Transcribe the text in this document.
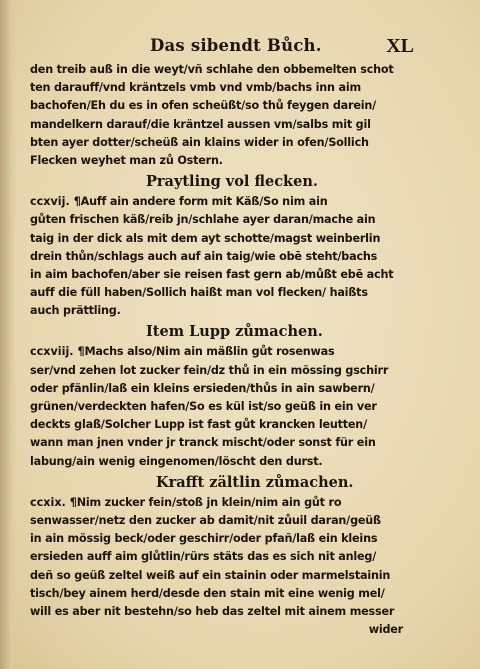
Das sibendt Bůch.	XL
den treib auß in die weyt/vñ schlahe den obbemelten schot
ten darauff/vnd kräntzels vmb vnd vmb/bachs inn aim
bachofen/Eh du es in ofen scheüßt/so thů feygen darein/
mandelkern darauf/die kräntzel aussen vm/salbs mit gil
bten ayer dotter/scheüß ain klains wider in ofen/Sollich
Flecken weyhet man zů Ostern.
Praytling vol flecken.
ccxvij. ¶Auff ain andere form mit Käß/So nim ain
gůten frischen käß/reib jn/schlahe ayer daran/mache ain
taig in der dick als mit dem ayt schotte/magst weinberlin
drein thůn/schlags auch auf ain taig/wie obē steht/bachs
in aim bachofen/aber sie reisen fast gern ab/můßt ebē acht
auff die füll haben/Sollich haißt man vol flecken/ haißts
auch prättling.
Item Lupp zůmachen.
ccxviij. ¶Machs also/Nim ain mäßlin gůt rosenwas
ser/vnd zehen lot zucker fein/dz thů in ein mössing gschirr
oder pfänlin/laß ein kleins ersieden/thůs in ain sawbern/
grünen/verdeckten hafen/So es kül ist/so geüß in ein ver
deckts glaß/Solcher Lupp ist fast gůt krancken leutten/
wann man jnen vnder jr tranck mischt/oder sonst für ein
labung/ain wenig eingenomen/löscht den durst.
Krafft zältlin zůmachen.
ccxix. ¶Nim zucker fein/stoß jn klein/nim ain gůt ro
senwasser/netz den zucker ab damit/nit zůuil daran/geüß
in ain mössig beck/oder geschirr/oder pfañ/laß ein kleins
ersieden auff aim glůtlin/rürs stäts das es sich nit anleg/
deñ so geüß zeltel weiß auf ein stainin oder marmelstainin
tisch/bey ainem herd/desde den stain mit eine wenig mel/
will es aber nit bestehn/so heb das zeltel mit ainem messer
wider
